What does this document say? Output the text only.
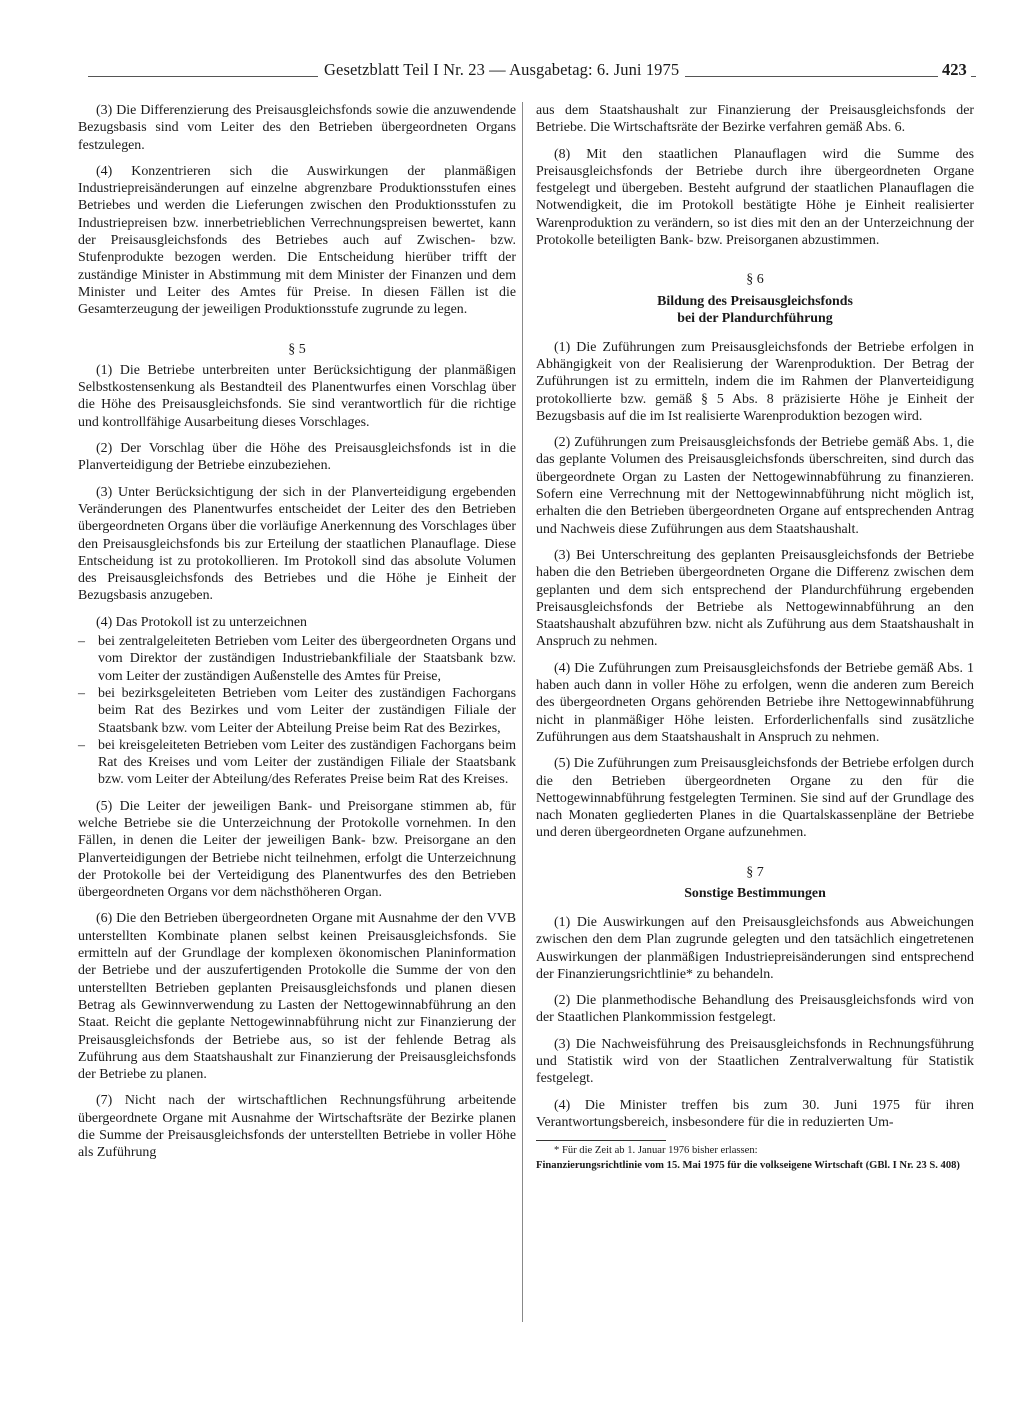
Gesetzblatt Teil I Nr. 23 — Ausgabetag: 6. Juni 1975	423

(3) Die Differenzierung des Preisausgleichsfonds sowie die anzuwendende Bezugsbasis sind vom Leiter des den Betrieben übergeordneten Organs festzulegen.

(4) Konzentrieren sich die Auswirkungen der planmäßigen Industriepreisänderungen auf einzelne abgrenzbare Produktionsstufen eines Betriebes und werden die Lieferungen zwischen den Produktionsstufen zu Industriepreisen bzw. innerbetrieblichen Verrechnungspreisen bewertet, kann der Preisausgleichsfonds des Betriebes auch auf Zwischen- bzw. Stufenprodukte bezogen werden. Die Entscheidung hierüber trifft der zuständige Minister in Abstimmung mit dem Minister der Finanzen und dem Minister und Leiter des Amtes für Preise. In diesen Fällen ist die Gesamterzeugung der jeweiligen Produktionsstufe zugrunde zu legen.

§ 5

(1) Die Betriebe unterbreiten unter Berücksichtigung der planmäßigen Selbstkostensenkung als Bestandteil des Planentwurfes einen Vorschlag über die Höhe des Preisausgleichsfonds. Sie sind verantwortlich für die richtige und kontrollfähige Ausarbeitung dieses Vorschlages.

(2) Der Vorschlag über die Höhe des Preisausgleichsfonds ist in die Planverteidigung der Betriebe einzubeziehen.

(3) Unter Berücksichtigung der sich in der Planverteidigung ergebenden Veränderungen des Planentwurfes entscheidet der Leiter des den Betrieben übergeordneten Organs über die vorläufige Anerkennung des Vorschlages über den Preisausgleichsfonds bis zur Erteilung der staatlichen Planauflage. Diese Entscheidung ist zu protokollieren. Im Protokoll sind das absolute Volumen des Preisausgleichsfonds des Betriebes und die Höhe je Einheit der Bezugsbasis anzugeben.

(4) Das Protokoll ist zu unterzeichnen

– bei zentralgeleiteten Betrieben vom Leiter des übergeordneten Organs und vom Direktor der zuständigen Industriebankfiliale der Staatsbank bzw. vom Leiter der zuständigen Außenstelle des Amtes für Preise,
– bei bezirksgeleiteten Betrieben vom Leiter des zuständigen Fachorgans beim Rat des Bezirkes und vom Leiter der zuständigen Filiale der Staatsbank bzw. vom Leiter der Abteilung Preise beim Rat des Bezirkes,
– bei kreisgeleiteten Betrieben vom Leiter des zuständigen Fachorgans beim Rat des Kreises und vom Leiter der zuständigen Filiale der Staatsbank bzw. vom Leiter der Abteilung/des Referates Preise beim Rat des Kreises.

(5) Die Leiter der jeweiligen Bank- und Preisorgane stimmen ab, für welche Betriebe sie die Unterzeichnung der Protokolle vornehmen. In den Fällen, in denen die Leiter der jeweiligen Bank- bzw. Preisorgane an den Planverteidigungen der Betriebe nicht teilnehmen, erfolgt die Unterzeichnung der Protokolle bei der Verteidigung des Planentwurfes des den Betrieben übergeordneten Organs vor dem nächsthöheren Organ.

(6) Die den Betrieben übergeordneten Organe mit Ausnahme der den VVB unterstellten Kombinate planen selbst keinen Preisausgleichsfonds. Sie ermitteln auf der Grundlage der komplexen ökonomischen Planinformation der Betriebe und der auszufertigenden Protokolle die Summe der von den unterstellten Betrieben geplanten Preisausgleichsfonds und planen diesen Betrag als Gewinnverwendung zu Lasten der Nettogewinnabführung an den Staat. Reicht die geplante Nettogewinnabführung nicht zur Finanzierung der Preisausgleichsfonds der Betriebe aus, so ist der fehlende Betrag als Zuführung aus dem Staatshaushalt zur Finanzierung der Preisausgleichsfonds der Betriebe zu planen.

(7) Nicht nach der wirtschaftlichen Rechnungsführung arbeitende übergeordnete Organe mit Ausnahme der Wirtschaftsräte der Bezirke planen die Summe der Preisausgleichsfonds der unterstellten Betriebe in voller Höhe als Zuführung

aus dem Staatshaushalt zur Finanzierung der Preisausgleichsfonds der Betriebe. Die Wirtschaftsräte der Bezirke verfahren gemäß Abs. 6.

(8) Mit den staatlichen Planauflagen wird die Summe des Preisausgleichsfonds der Betriebe durch ihre übergeordneten Organe festgelegt und übergeben. Besteht aufgrund der staatlichen Planauflagen die Notwendigkeit, die im Protokoll bestätigte Höhe je Einheit realisierter Warenproduktion zu verändern, so ist dies mit den an der Unterzeichnung der Protokolle beteiligten Bank- bzw. Preisorganen abzustimmen.

§ 6
Bildung des Preisausgleichsfonds
bei der Plandurchführung

(1) Die Zuführungen zum Preisausgleichsfonds der Betriebe erfolgen in Abhängigkeit von der Realisierung der Warenproduktion. Der Betrag der Zuführungen ist zu ermitteln, indem die im Rahmen der Planverteidigung protokollierte bzw. gemäß § 5 Abs. 8 präzisierte Höhe je Einheit der Bezugsbasis auf die im Ist realisierte Warenproduktion bezogen wird.

(2) Zuführungen zum Preisausgleichsfonds der Betriebe gemäß Abs. 1, die das geplante Volumen des Preisausgleichsfonds überschreiten, sind durch das übergeordnete Organ zu Lasten der Nettogewinnabführung zu finanzieren. Sofern eine Verrechnung mit der Nettogewinnabführung nicht möglich ist, erhalten die den Betrieben übergeordneten Organe auf entsprechenden Antrag und Nachweis diese Zuführungen aus dem Staatshaushalt.

(3) Bei Unterschreitung des geplanten Preisausgleichsfonds der Betriebe haben die den Betrieben übergeordneten Organe die Differenz zwischen dem geplanten und dem sich entsprechend der Plandurchführung ergebenden Preisausgleichsfonds der Betriebe als Nettogewinnabführung an den Staatshaushalt abzuführen bzw. nicht als Zuführung aus dem Staatshaushalt in Anspruch zu nehmen.

(4) Die Zuführungen zum Preisausgleichsfonds der Betriebe gemäß Abs. 1 haben auch dann in voller Höhe zu erfolgen, wenn die anderen zum Bereich des übergeordneten Organs gehörenden Betriebe ihre Nettogewinnabführung nicht in planmäßiger Höhe leisten. Erforderlichenfalls sind zusätzliche Zuführungen aus dem Staatshaushalt in Anspruch zu nehmen.

(5) Die Zuführungen zum Preisausgleichsfonds der Betriebe erfolgen durch die den Betrieben übergeordneten Organe zu den für die Nettogewinnabführung festgelegten Terminen. Sie sind auf der Grundlage des nach Monaten gegliederten Planes in die Quartalskassenpläne der Betriebe und deren übergeordneten Organe aufzunehmen.

§ 7
Sonstige Bestimmungen

(1) Die Auswirkungen auf den Preisausgleichsfonds aus Abweichungen zwischen den dem Plan zugrunde gelegten und den tatsächlich eingetretenen Auswirkungen der planmäßigen Industriepreisänderungen sind entsprechend der Finanzierungsrichtlinie* zu behandeln.

(2) Die planmethodische Behandlung des Preisausgleichsfonds wird von der Staatlichen Plankommission festgelegt.

(3) Die Nachweisführung des Preisausgleichsfonds in Rechnungsführung und Statistik wird von der Staatlichen Zentralverwaltung für Statistik festgelegt.

(4) Die Minister treffen bis zum 30. Juni 1975 für ihren Verantwortungsbereich, insbesondere für die in reduzierten Um-

* Für die Zeit ab 1. Januar 1976 bisher erlassen:

Finanzierungsrichtlinie vom 15. Mai 1975 für die volkseigene Wirtschaft (GBl. I Nr. 23 S. 408)
